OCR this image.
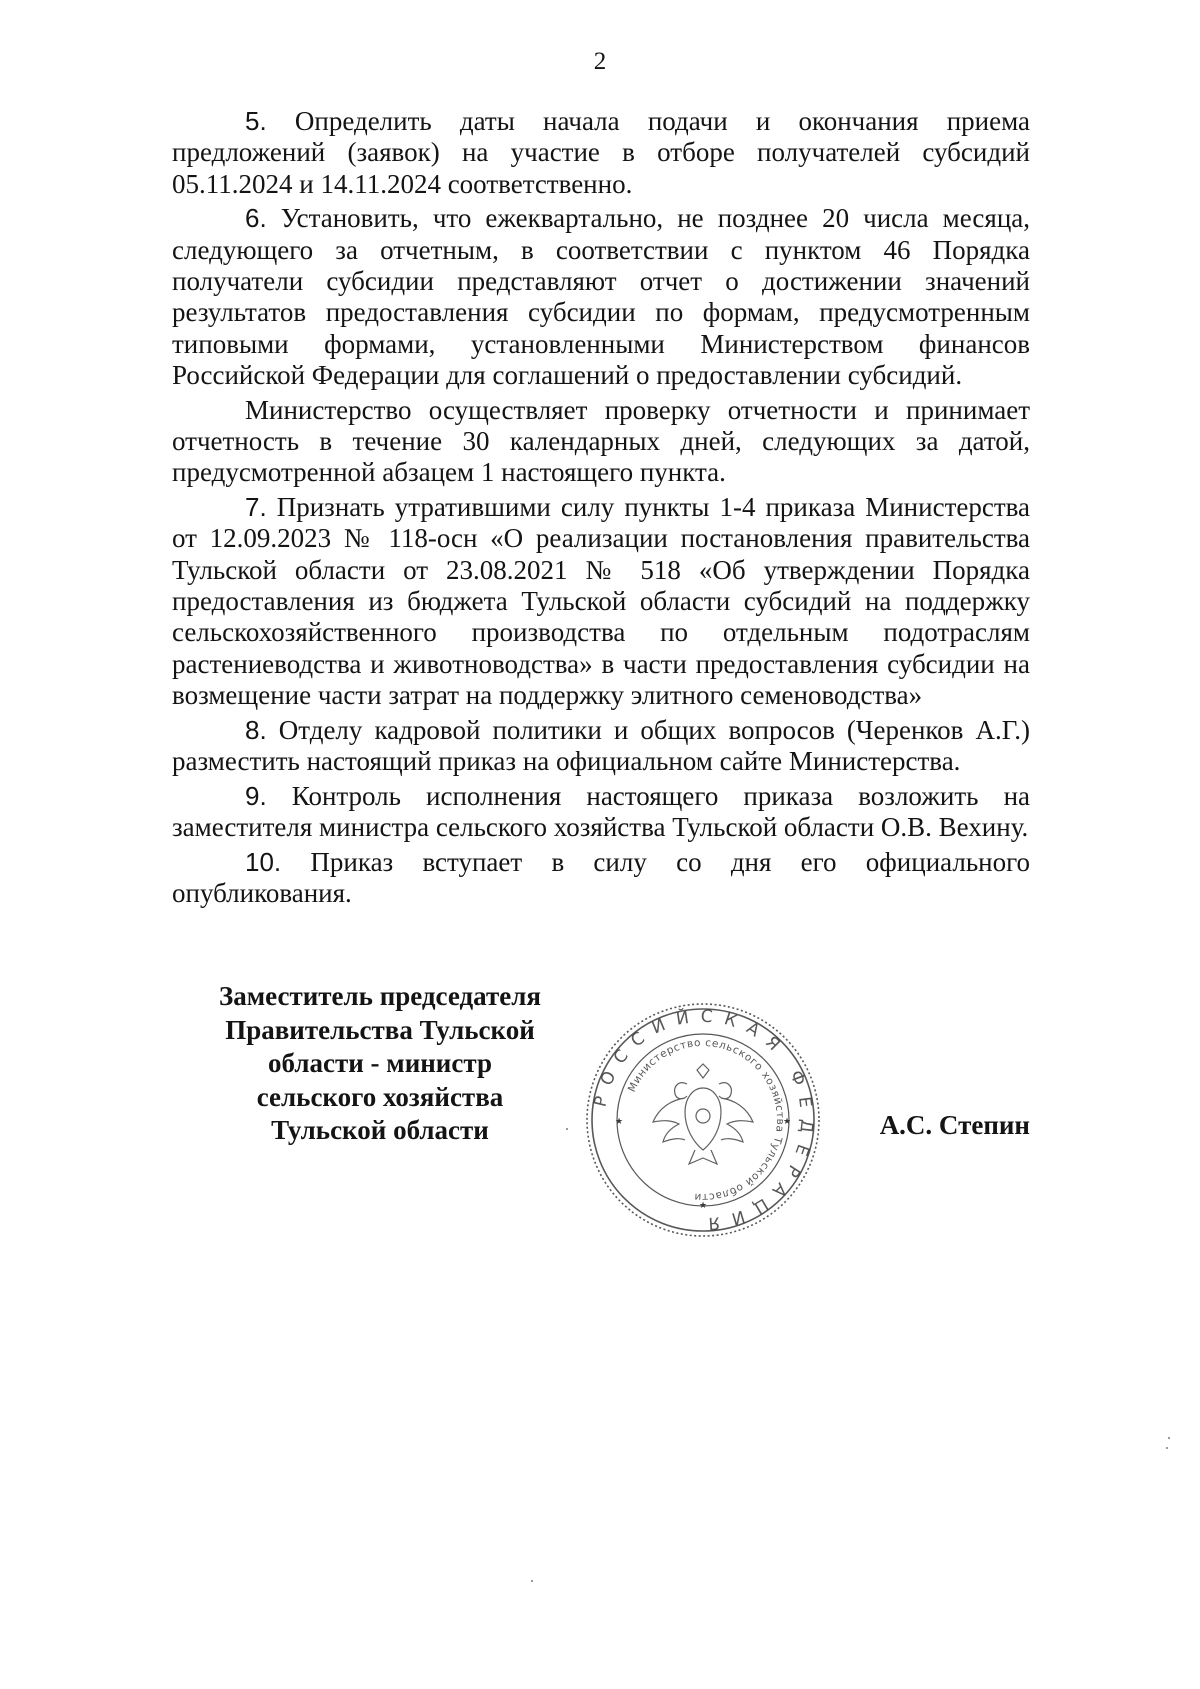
2

5. Определить даты начала подачи и окончания приема предложений (заявок) на участие в отборе получателей субсидий 05.11.2024 и 14.11.2024 соответственно.

6. Установить, что ежеквартально, не позднее 20 числа месяца, следующего за отчетным, в соответствии с пунктом 46 Порядка получатели субсидии представляют отчет о достижении значений результатов предоставления субсидии по формам, предусмотренным типовыми формами, установленными Министерством финансов Российской Федерации для соглашений о предоставлении субсидий.

Министерство осуществляет проверку отчетности и принимает отчетность в течение 30 календарных дней, следующих за датой, предусмотренной абзацем 1 настоящего пункта.

7. Признать утратившими силу пункты 1-4 приказа Министерства от 12.09.2023 № 118-осн «О реализации постановления правительства Тульской области от 23.08.2021 № 518 «Об утверждении Порядка предоставления из бюджета Тульской области субсидий на поддержку сельскохозяйственного производства по отдельным подотраслям растениеводства и животноводства» в части предоставления субсидии на возмещение части затрат на поддержку элитного семеноводства»

8. Отделу кадровой политики и общих вопросов (Черенков А.Г.) разместить настоящий приказ на официальном сайте Министерства.

9. Контроль исполнения настоящего приказа возложить на заместителя министра сельского хозяйства Тульской области О.В. Вехину.

10. Приказ вступает в силу со дня его официального опубликования.

Заместитель председателя
Правительства Тульской
области - министр
сельского хозяйства
Тульской области
РОССИЙСКАЯ ФЕДЕРАЦИЯ
Министерство сельского хозяйства Тульской области
★
★	★	А.С. Степин
